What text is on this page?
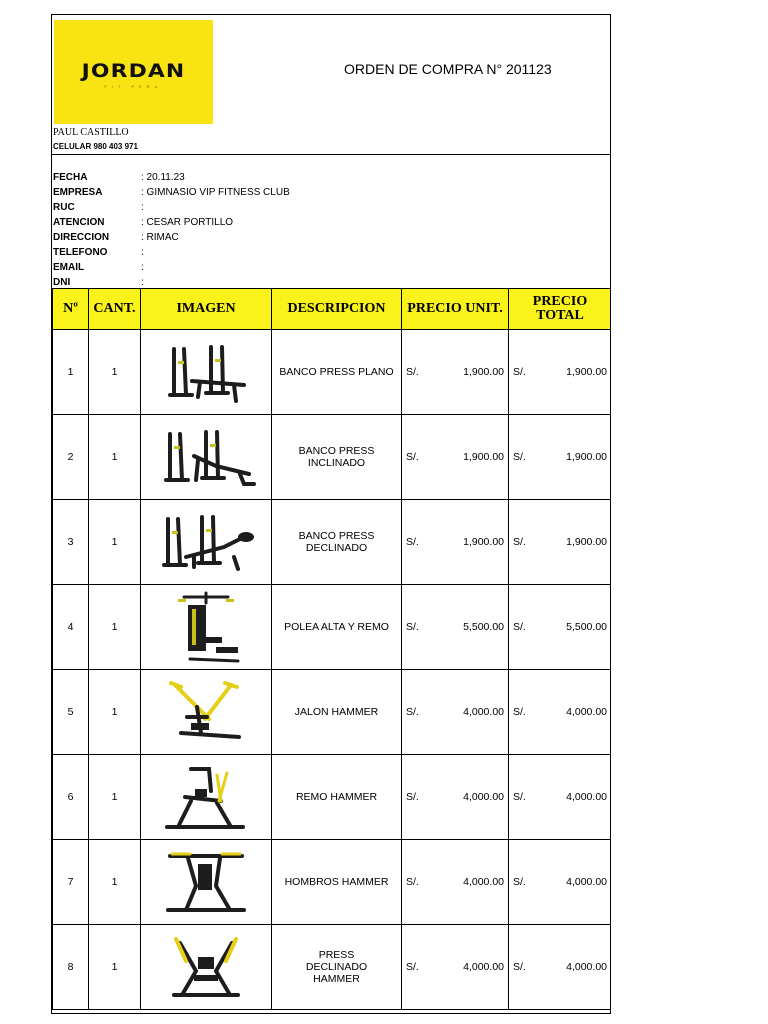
JORDAN
FIT PERU
ORDEN DE COMPRA N° 201123
PAUL CASTILLO
CELULAR 980 403 971
FECHA	: 20.11.23
EMPRESA	: GIMNASIO VIP FITNESS CLUB
RUC	:
ATENCION	: CESAR PORTILLO
DIRECCION	: RIMAC
TELEFONO	:
EMAIL	:
DNI	:
Nº	CANT.	IMAGEN	DESCRIPCION	PRECIO UNIT.	PRECIO TOTAL
1	1		BANCO PRESS PLANO	S/. 1,900.00	S/. 1,900.00

2	1		BANCO PRESS INCLINADO	S/. 1,900.00	S/. 1,900.00

3	1		BANCO PRESS DECLINADO	S/. 1,900.00	S/. 1,900.00

4	1		POLEA ALTA Y REMO	S/. 5,500.00	S/. 5,500.00

5	1		JALON HAMMER	S/. 4,000.00	S/. 4,000.00

6	1		REMO HAMMER	S/. 4,000.00	S/. 4,000.00

7	1		HOMBROS HAMMER	S/. 4,000.00	S/. 4,000.00

8	1		PRESS DECLINADO HAMMER	S/. 4,000.00	S/. 4,000.00
